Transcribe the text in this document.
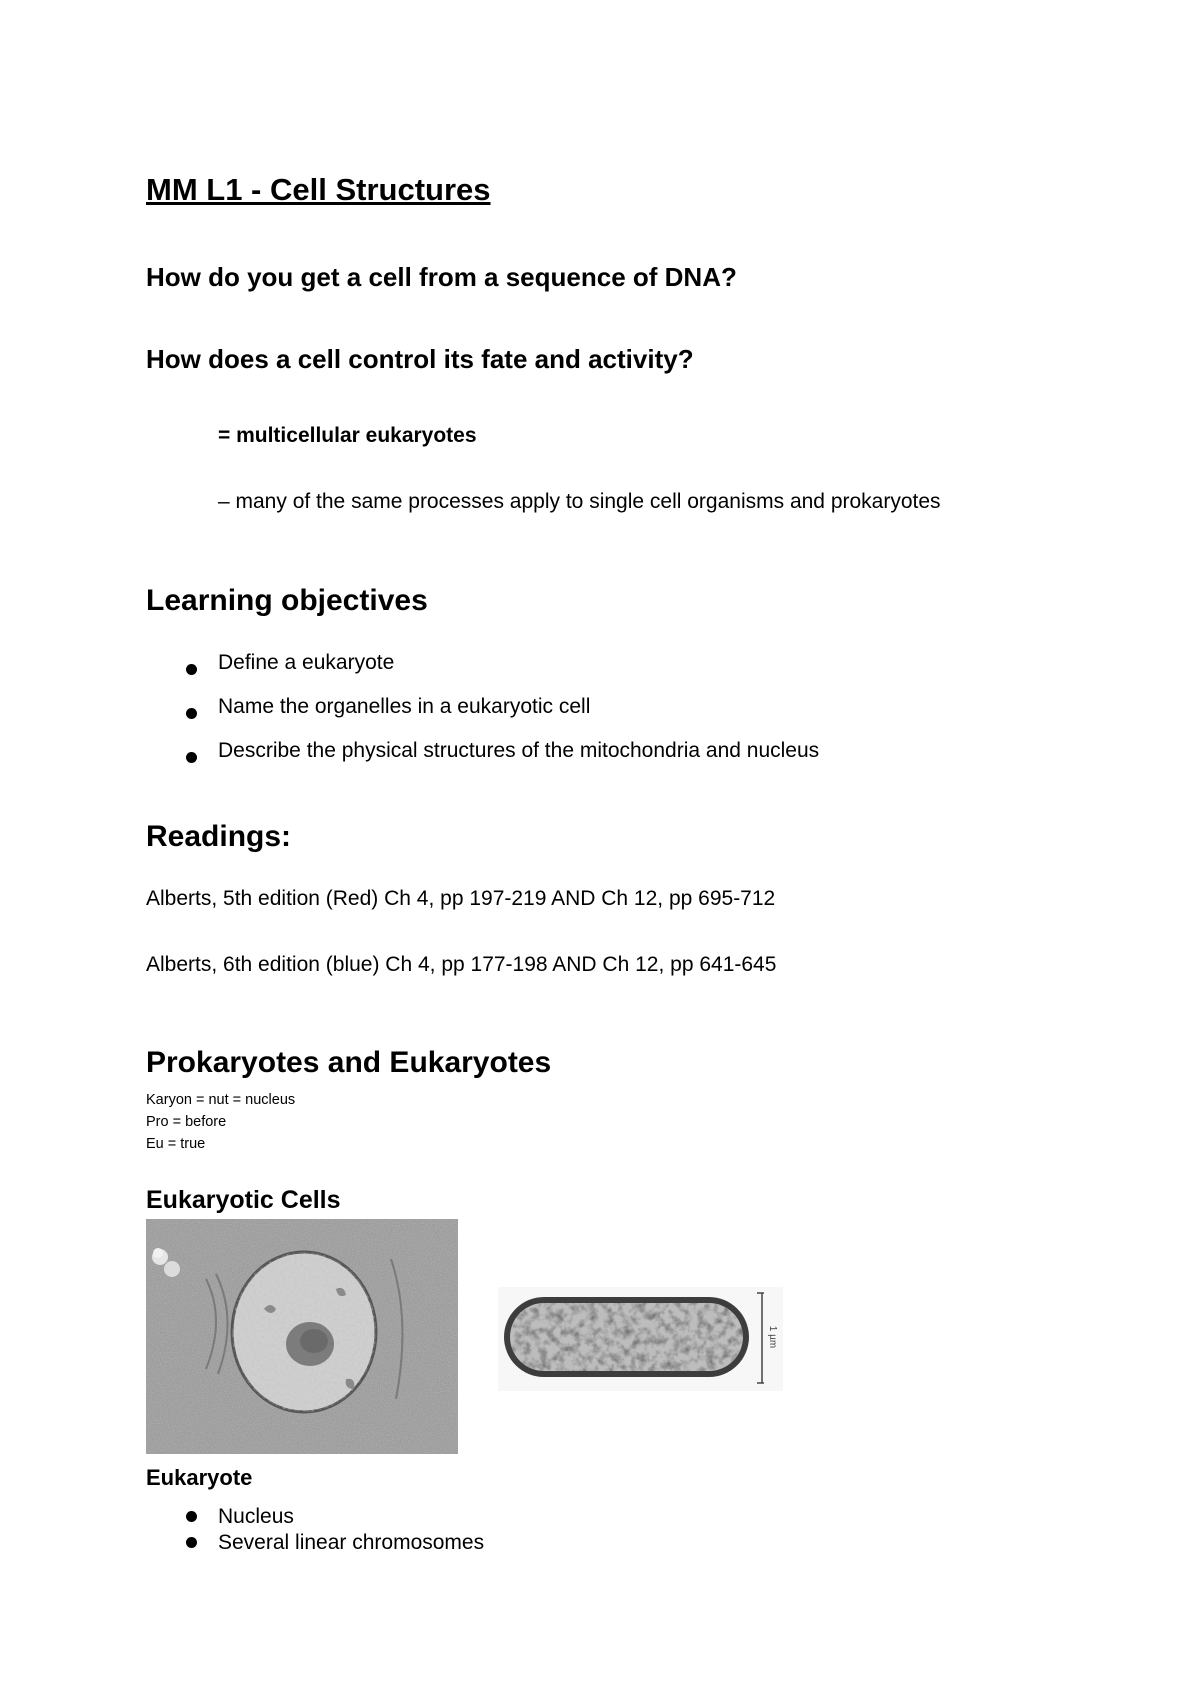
MM L1 - Cell Structures
How do you get a cell from a sequence of DNA?
How does a cell control its fate and activity?
= multicellular eukaryotes
– many of the same processes apply to single cell organisms and prokaryotes
Learning objectives
Define a eukaryote
Name the organelles in a eukaryotic cell
Describe the physical structures of the mitochondria and nucleus
Readings:
Alberts, 5th edition (Red) Ch 4, pp 197-219 AND Ch 12, pp 695-712
Alberts, 6th edition (blue) Ch 4, pp 177-198 AND Ch 12, pp 641-645
Prokaryotes and Eukaryotes
Karyon = nut = nucleus
Pro = before
Eu = true
Eukaryotic Cells
1 µm
Eukaryote
Nucleus
Several linear chromosomes
